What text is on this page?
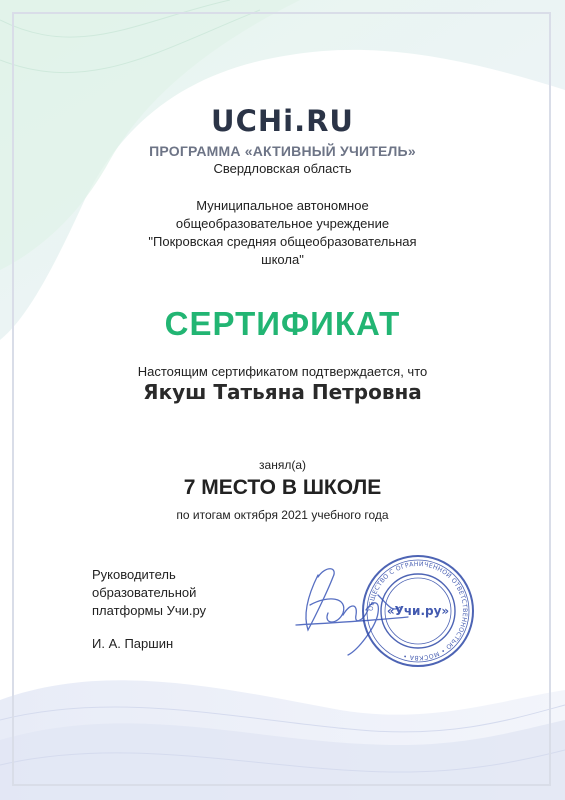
UCHi.RU
ПРОГРАММА «АКТИВНЫЙ УЧИТЕЛЬ»
Свердловская область
Муниципальное автономное
общеобразовательное учреждение
"Покровская средняя общеобразовательная
школа"
СЕРТИФИКАТ
Настоящим сертификатом подтверждается, что
Якуш Татьяна Петровна
занял(а)
7 МЕСТО В ШКОЛЕ
по итогам октября 2021 учебного года
Руководитель
образовательной
платформы Учи.ру
И. А. Паршин
ОБЩЕСТВО С ОГРАНИЧЕННОЙ ОТВЕТСТВЕННОСТЬЮ • МОСКВА •
«Учи.ру»
